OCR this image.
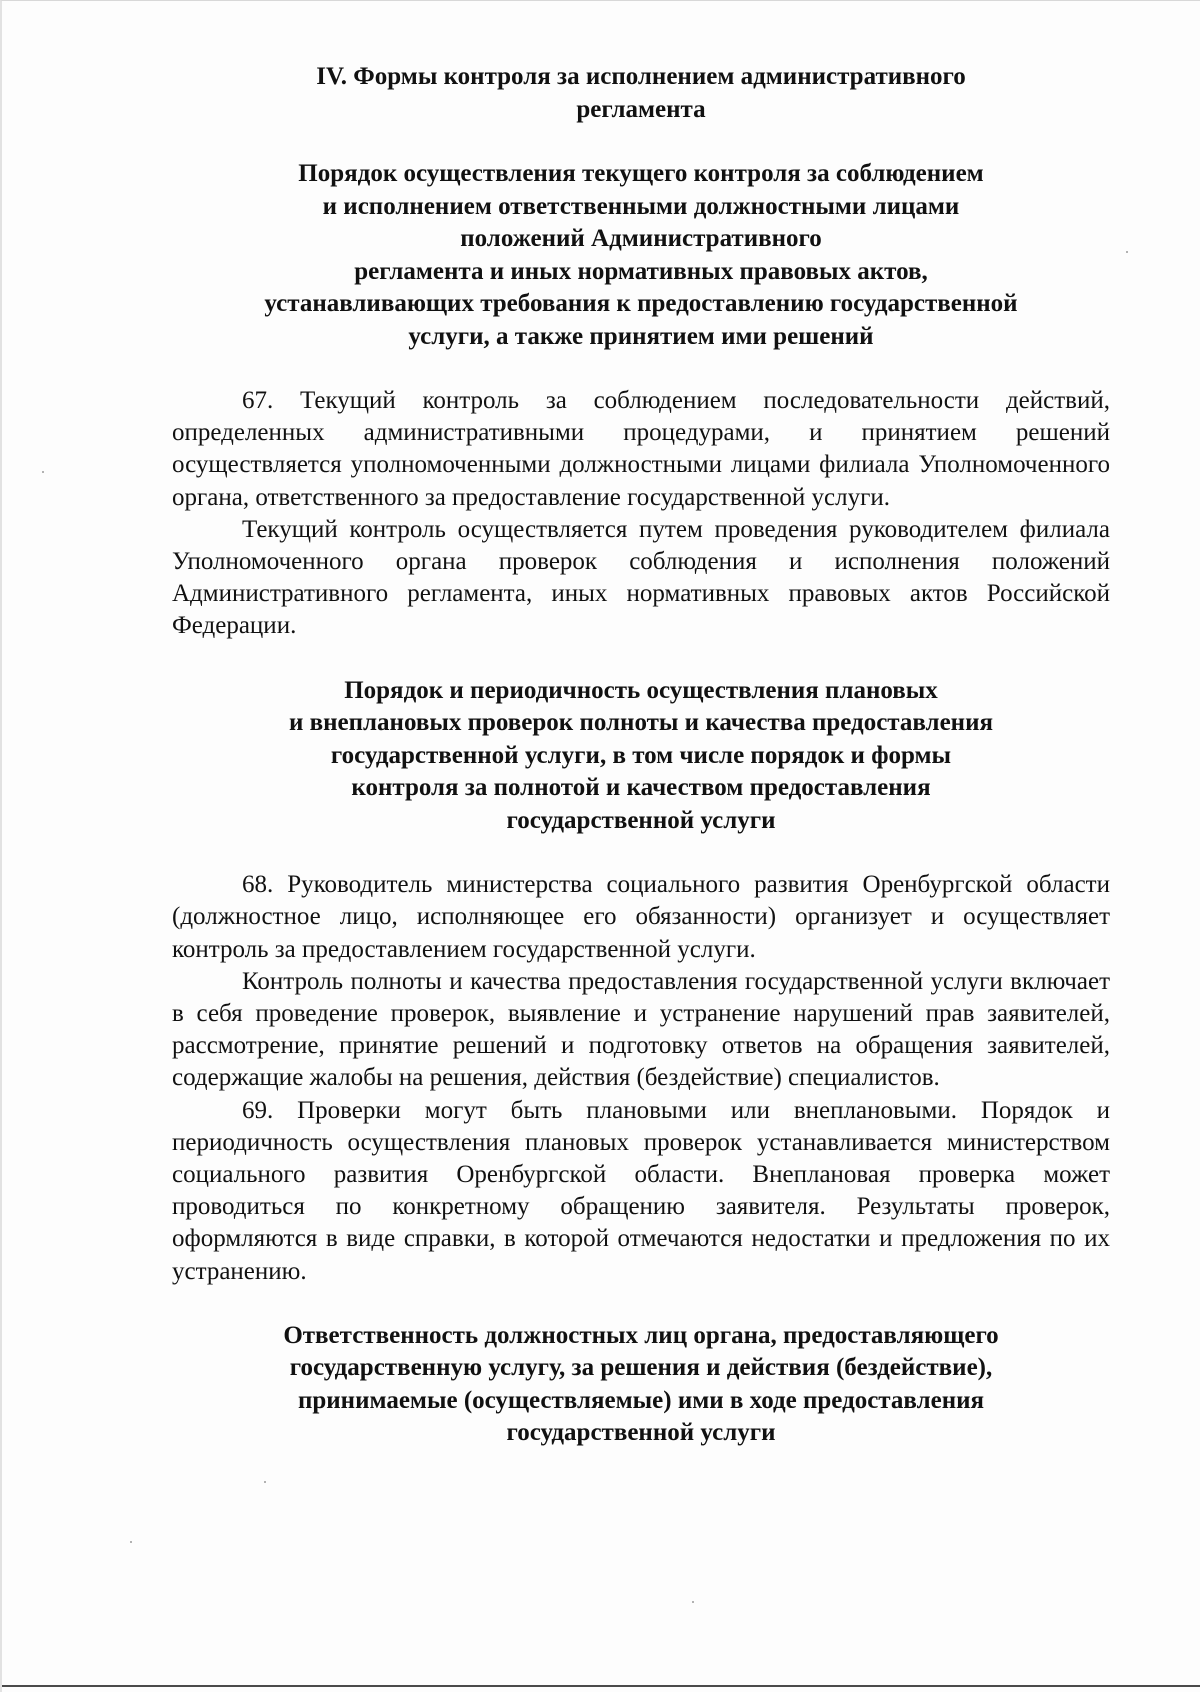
IV. Формы контроля за исполнением административного

регламента

Порядок осуществления текущего контроля за соблюдением

и исполнением ответственными должностными лицами

положений Административного

регламента и иных нормативных правовых актов,

устанавливающих требования к предоставлению государственной

услуги, а также принятием ими решений

67. Текущий контроль за соблюдением последовательности действий, определенных административными процедурами, и принятием решений осуществляется уполномоченными должностными лицами филиала Уполномоченного органа, ответственного за предоставление государственной услуги.

Текущий контроль осуществляется путем проведения руководителем филиала Уполномоченного органа проверок соблюдения и исполнения положений Административного регламента, иных нормативных правовых актов Российской Федерации.

Порядок и периодичность осуществления плановых

и внеплановых проверок полноты и качества предоставления

государственной услуги, в том числе порядок и формы

контроля за полнотой и качеством предоставления

государственной услуги

68. Руководитель министерства социального развития Оренбургской области (должностное лицо, исполняющее его обязанности) организует и осуществляет контроль за предоставлением государственной услуги.

Контроль полноты и качества предоставления государственной услуги включает в себя проведение проверок, выявление и устранение нарушений прав заявителей, рассмотрение, принятие решений и подготовку ответов на обращения заявителей, содержащие жалобы на решения, действия (бездействие) специалистов.

69. Проверки могут быть плановыми или внеплановыми. Порядок и периодичность осуществления плановых проверок устанавливается министерством социального развития Оренбургской области. Внеплановая проверка может проводиться по конкретному обращению заявителя. Результаты проверок, оформляются в виде справки, в которой отмечаются недостатки и предложения по их устранению.

Ответственность должностных лиц органа, предоставляющего

государственную услугу, за решения и действия (бездействие),

принимаемые (осуществляемые) ими в ходе предоставления

государственной услуги
